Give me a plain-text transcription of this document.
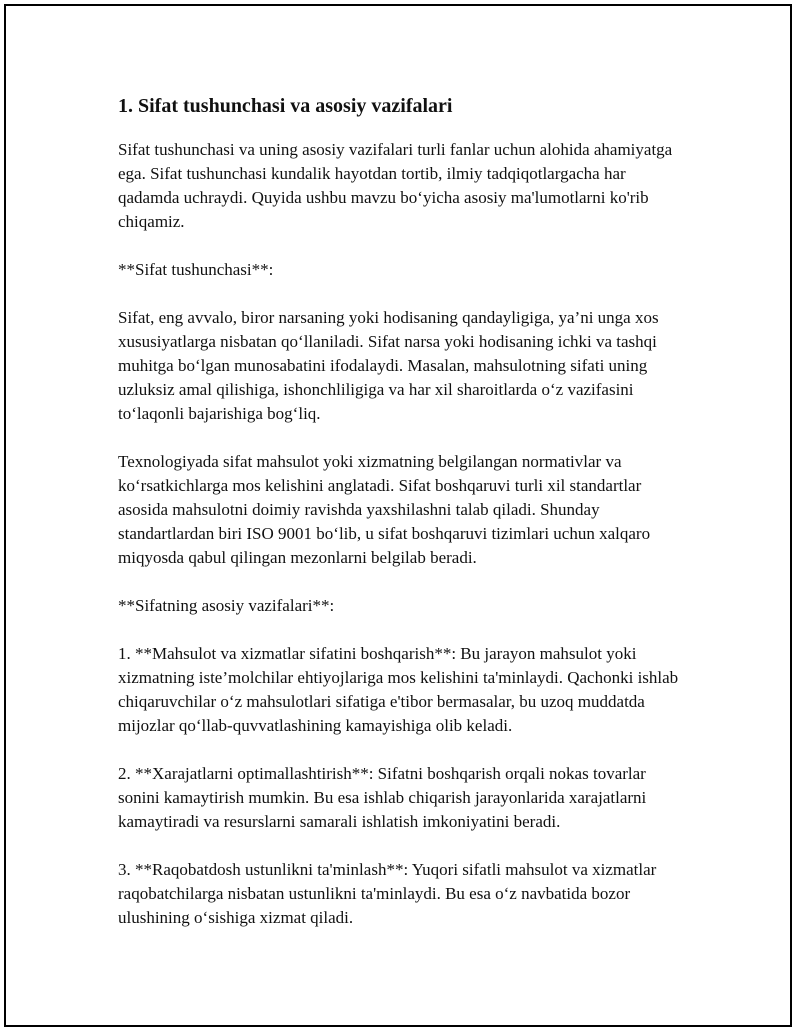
1. Sifat tushunchasi va asosiy vazifalari

Sifat tushunchasi va uning asosiy vazifalari turli fanlar uchun alohida ahamiyatga ega. Sifat tushunchasi kundalik hayotdan tortib, ilmiy tadqiqotlargacha har qadamda uchraydi. Quyida ushbu mavzu bo‘yicha asosiy ma'lumotlarni ko'rib chiqamiz.

**Sifat tushunchasi**:

Sifat, eng avvalo, biror narsaning yoki hodisaning qandayligiga, ya’ni unga xos xususiyatlarga nisbatan qo‘llaniladi. Sifat narsa yoki hodisaning ichki va tashqi muhitga bo‘lgan munosabatini ifodalaydi. Masalan, mahsulotning sifati uning uzluksiz amal qilishiga, ishonchliligiga va har xil sharoitlarda o‘z vazifasini to‘laqonli bajarishiga bog‘liq.

Texnologiyada sifat mahsulot yoki xizmatning belgilangan normativlar va ko‘rsatkichlarga mos kelishini anglatadi. Sifat boshqaruvi turli xil standartlar asosida mahsulotni doimiy ravishda yaxshilashni talab qiladi. Shunday standartlardan biri ISO 9001 bo‘lib, u sifat boshqaruvi tizimlari uchun xalqaro miqyosda qabul qilingan mezonlarni belgilab beradi.

**Sifatning asosiy vazifalari**:

1. **Mahsulot va xizmatlar sifatini boshqarish**: Bu jarayon mahsulot yoki xizmatning iste’molchilar ehtiyojlariga mos kelishini ta'minlaydi. Qachonki ishlab chiqaruvchilar o‘z mahsulotlari sifatiga e'tibor bermasalar, bu uzoq muddatda mijozlar qo‘llab-quvvatlashining kamayishiga olib keladi.

2. **Xarajatlarni optimallashtirish**: Sifatni boshqarish orqali nokas tovarlar sonini kamaytirish mumkin. Bu esa ishlab chiqarish jarayonlarida xarajatlarni kamaytiradi va resurslarni samarali ishlatish imkoniyatini beradi.

3. **Raqobatdosh ustunlikni ta'minlash**: Yuqori sifatli mahsulot va xizmatlar raqobatchilarga nisbatan ustunlikni ta'minlaydi. Bu esa o‘z navbatida bozor ulushining o‘sishiga xizmat qiladi.
